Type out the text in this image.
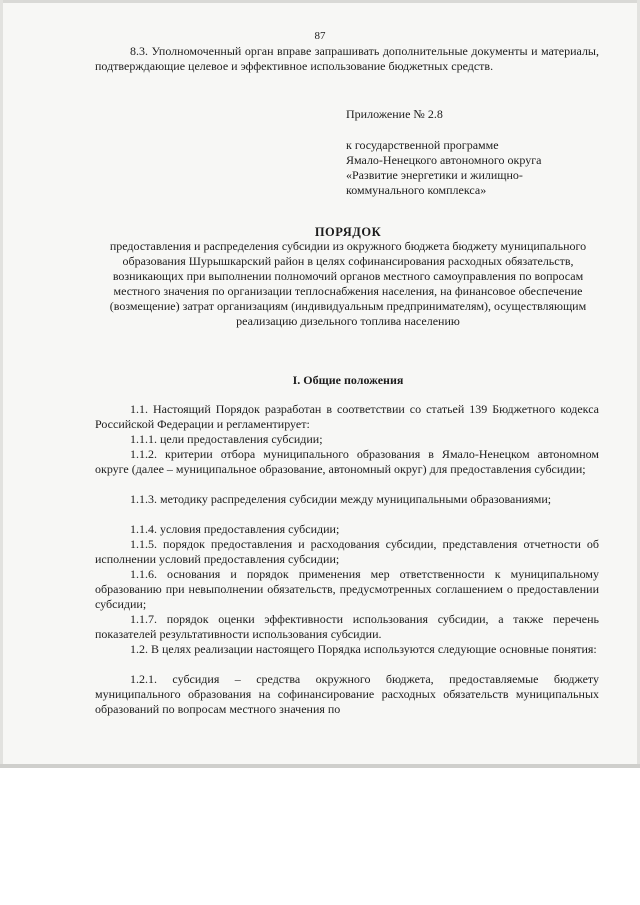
87
8.3. Уполномоченный орган вправе запрашивать дополнительные документы и материалы, подтверждающие целевое и эффективное использование бюджетных средств.
Приложение № 2.8
к государственной программе
Ямало-Ненецкого автономного округа
«Развитие энергетики и жилищно-
коммунального комплекса»
ПОРЯДОК
предоставления и распределения субсидии из окружного бюджета бюджету муниципального образования Шурышкарский район в целях софинансирования расходных обязательств, возникающих при выполнении полномочий органов местного самоуправления по вопросам местного значения по организации теплоснабжения населения, на финансовое обеспечение (возмещение) затрат организациям (индивидуальным предпринимателям), осуществляющим реализацию дизельного топлива населению
I. Общие положения
1.1. Настоящий Порядок разработан в соответствии со статьей 139 Бюджетного кодекса Российской Федерации и регламентирует:
1.1.1. цели предоставления субсидии;
1.1.2. критерии отбора муниципального образования в Ямало-Ненецком автономном округе (далее – муниципальное образование, автономный округ) для предоставления субсидии;
1.1.3. методику распределения субсидии между муниципальными образованиями;
1.1.4. условия предоставления субсидии;
1.1.5. порядок предоставления и расходования субсидии, представления отчетности об исполнении условий предоставления субсидии;
1.1.6. основания и порядок применения мер ответственности к муниципальному образованию при невыполнении обязательств, предусмотренных соглашением о предоставлении субсидии;
1.1.7. порядок оценки эффективности использования субсидии, а также перечень показателей результативности использования субсидии.
1.2. В целях реализации настоящего Порядка используются следующие основные понятия:
1.2.1. субсидия – средства окружного бюджета, предоставляемые бюджету муниципального образования на софинансирование расходных обязательств муниципальных образований по вопросам местного значения по
